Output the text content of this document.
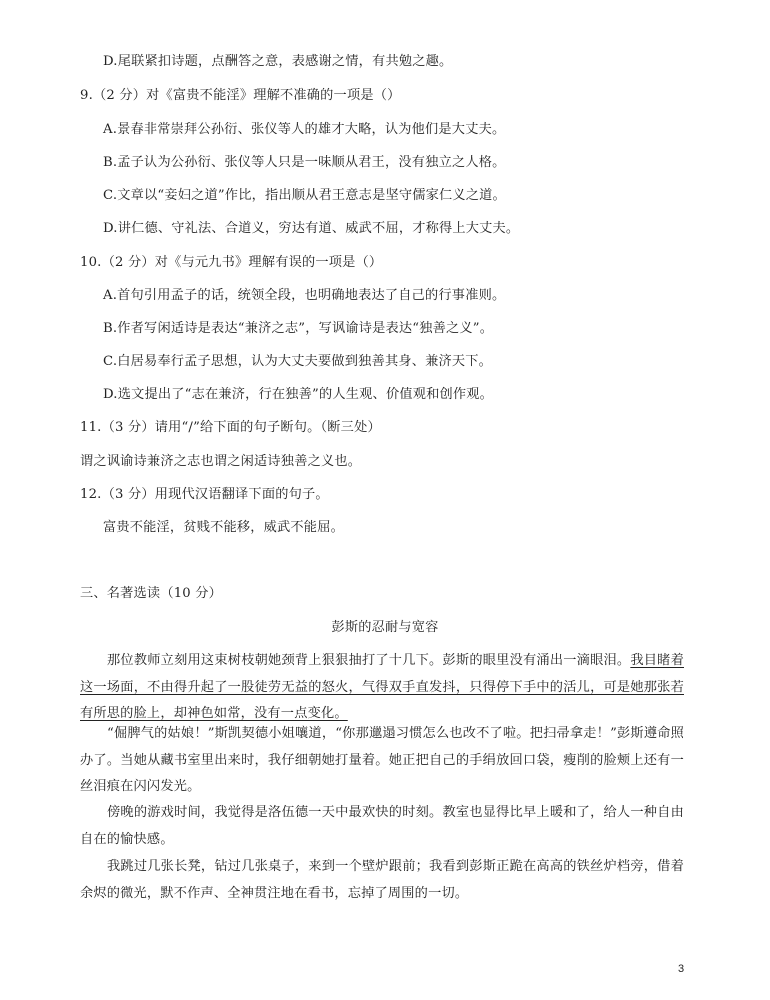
D.尾联紧扣诗题，点酬答之意，表感谢之情，有共勉之趣。
9.（2 分）对《富贵不能淫》理解不准确的一项是（）
A.景春非常崇拜公孙衍、张仪等人的雄才大略，认为他们是大丈夫。
B.孟子认为公孙衍、张仪等人只是一味顺从君王，没有独立之人格。
C.文章以“妾妇之道”作比，指出顺从君王意志是坚守儒家仁义之道。
D.讲仁德、守礼法、合道义，穷达有道、威武不屈，才称得上大丈夫。
10.（2 分）对《与元九书》理解有误的一项是（）
A.首句引用孟子的话，统领全段，也明确地表达了自己的行事准则。
B.作者写闲适诗是表达“兼济之志”，写讽谕诗是表达“独善之义”。
C.白居易奉行孟子思想，认为大丈夫要做到独善其身、兼济天下。
D.选文提出了“志在兼济，行在独善”的人生观、价值观和创作观。
11.（3 分）请用“/”给下面的句子断句。（断三处）
谓之讽谕诗兼济之志也谓之闲适诗独善之义也。
12.（3 分）用现代汉语翻译下面的句子。
富贵不能淫，贫贱不能移，威武不能屈。
三、名著选读（10 分）
彭斯的忍耐与宽容
那位教师立刻用这束树枝朝她颈背上狠狠抽打了十几下。彭斯的眼里没有涌出一滴眼泪。我目睹着这一场面，不由得升起了一股徒劳无益的怒火，气得双手直发抖，只得停下手中的活儿，可是她那张若有所思的脸上，却神色如常，没有一点变化。
“倔脾气的姑娘！”斯凯契德小姐嚷道，“你那邋遢习惯怎么也改不了啦。把扫帚拿走！”彭斯遵命照办了。当她从藏书室里出来时，我仔细朝她打量着。她正把自己的手绢放回口袋，瘦削的脸颊上还有一丝泪痕在闪闪发光。
傍晚的游戏时间，我觉得是洛伍德一天中最欢快的时刻。教室也显得比早上暖和了，给人一种自由自在的愉快感。
我跳过几张长凳，钻过几张桌子，来到一个壁炉跟前；我看到彭斯正跪在高高的铁丝炉档旁，借着余烬的微光，默不作声、全神贯注地在看书，忘掉了周围的一切。
3
